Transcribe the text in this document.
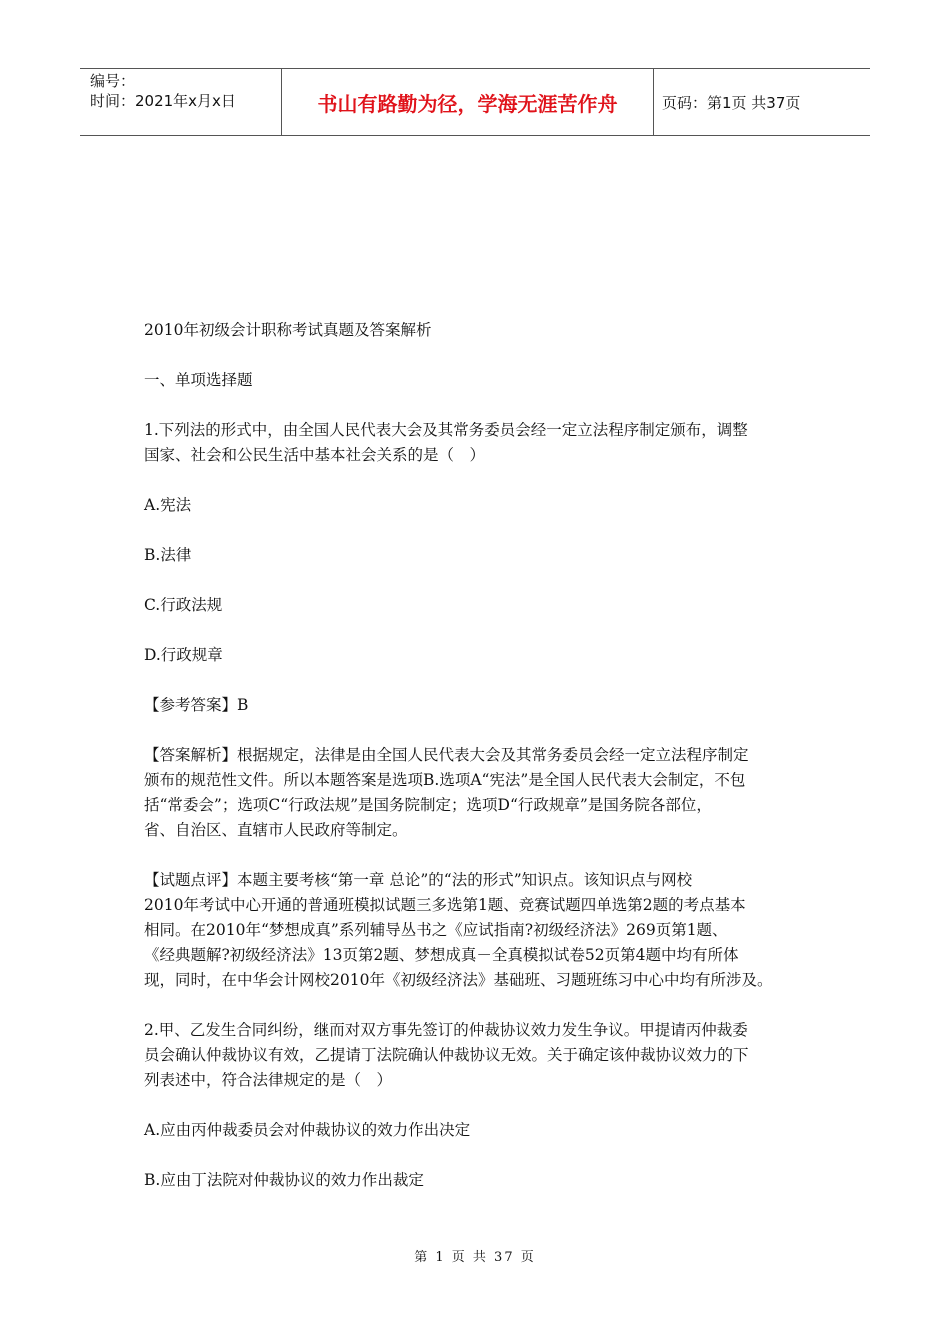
编号：
时间：2021年x月x日	书山有路勤为径，学海无涯苦作舟	页码：第1页 共37页

2010年初级会计职称考试真题及答案解析

一、单项选择题

1.下列法的形式中，由全国人民代表大会及其常务委员会经一定立法程序制定颁布，调整

国家、社会和公民生活中基本社会关系的是（　）

A.宪法

B.法律

C.行政法规

D.行政规章

【参考答案】B

【答案解析】根据规定，法律是由全国人民代表大会及其常务委员会经一定立法程序制定

颁布的规范性文件。所以本题答案是选项B.选项A“宪法”是全国人民代表大会制定，不包

括“常委会”；选项C“行政法规”是国务院制定；选项D“行政规章”是国务院各部位，

省、自治区、直辖市人民政府等制定。

【试题点评】本题主要考核“第一章 总论”的“法的形式”知识点。该知识点与网校

2010年考试中心开通的普通班模拟试题三多选第1题、竞赛试题四单选第2题的考点基本

相同。在2010年“梦想成真”系列辅导丛书之《应试指南?初级经济法》269页第1题、

《经典题解?初级经济法》13页第2题、梦想成真－全真模拟试卷52页第4题中均有所体

现，同时，在中华会计网校2010年《初级经济法》基础班、习题班练习中心中均有所涉及。

2.甲、乙发生合同纠纷，继而对双方事先签订的仲裁协议效力发生争议。甲提请丙仲裁委

员会确认仲裁协议有效，乙提请丁法院确认仲裁协议无效。关于确定该仲裁协议效力的下

列表述中，符合法律规定的是（　）

A.应由丙仲裁委员会对仲裁协议的效力作出决定

B.应由丁法院对仲裁协议的效力作出裁定

第 1 页 共 37 页
